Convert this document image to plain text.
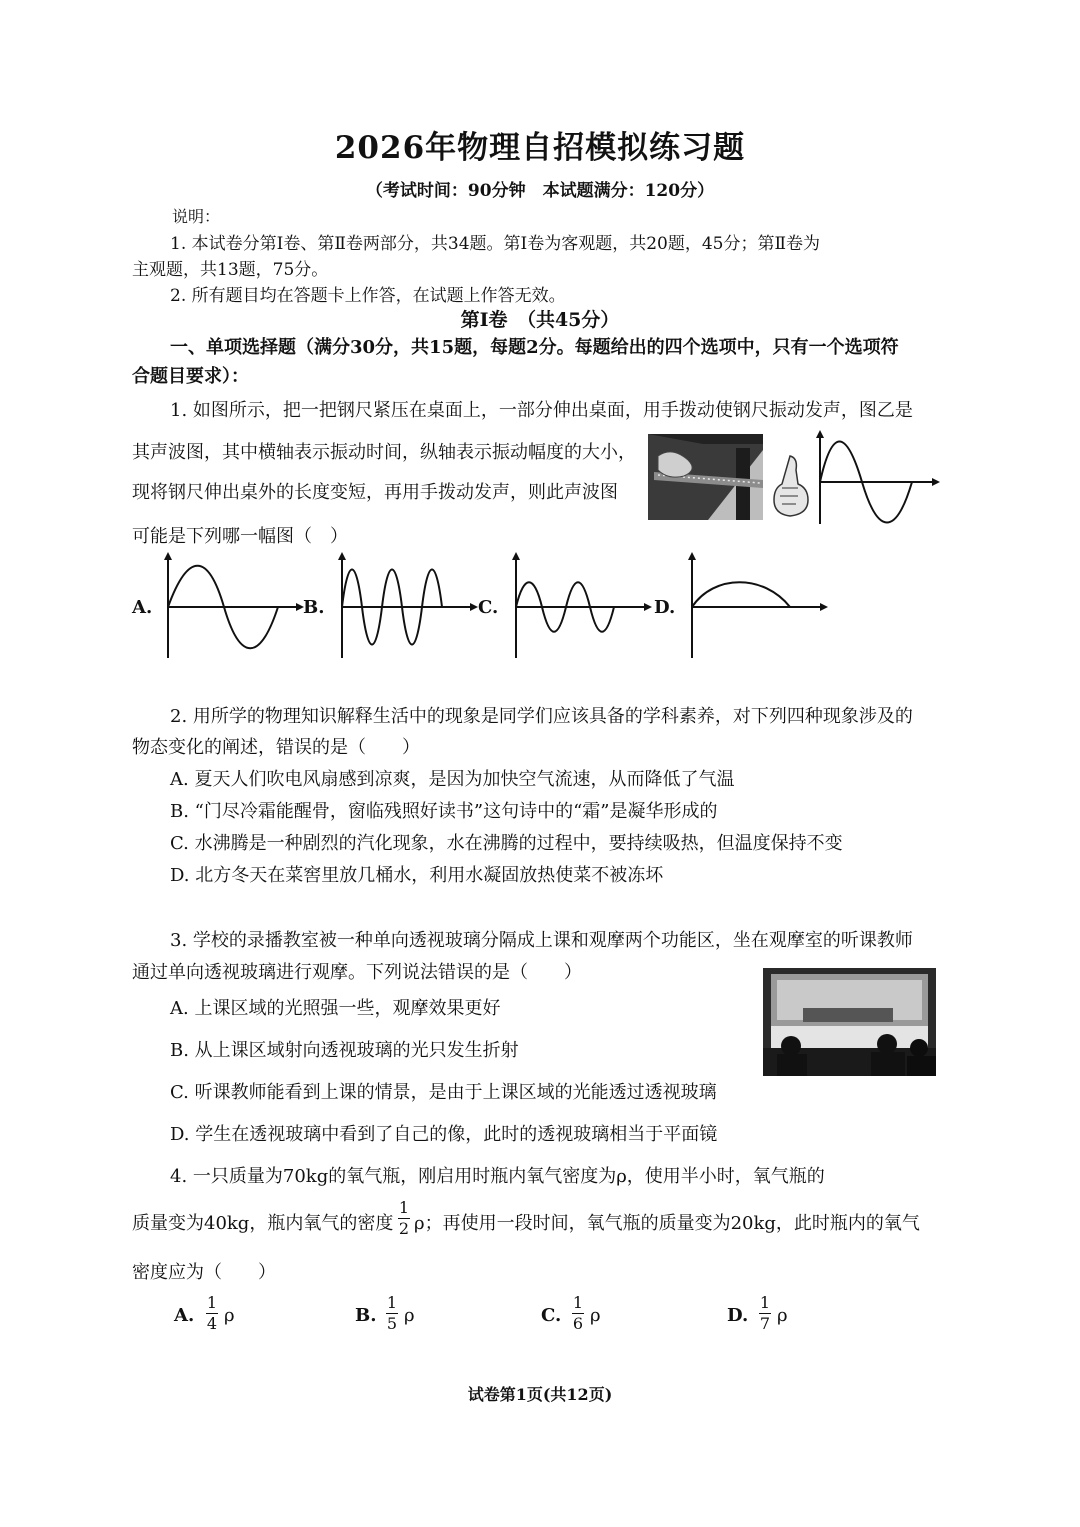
2026年物理自招模拟练习题
（考试时间：90分钟　本试题满分：120分）
说明：
1. 本试卷分第Ⅰ卷、第Ⅱ卷两部分，共34题。第Ⅰ卷为客观题，共20题，45分；第Ⅱ卷为
主观题，共13题，75分。
2. 所有题目均在答题卡上作答，在试题上作答无效。
第Ⅰ卷　（共45分）
一、单项选择题（满分30分，共15题，每题2分。每题给出的四个选项中，只有一个选项符
合题目要求）：
1. 如图所示，把一把钢尺紧压在桌面上，一部分伸出桌面，用手拨动使钢尺振动发声，图乙是
其声波图，其中横轴表示振动时间，纵轴表示振动幅度的大小，
现将钢尺伸出桌外的长度变短，再用手拨动发声，则此声波图
可能是下列哪一幅图（　）
A.	B.	C.	D.
2. 用所学的物理知识解释生活中的现象是同学们应该具备的学科素养，对下列四种现象涉及的
物态变化的阐述，错误的是（　　）
A. 夏天人们吹电风扇感到凉爽，是因为加快空气流速，从而降低了气温
B. “门尽冷霜能醒骨，窗临残照好读书”这句诗中的“霜”是凝华形成的
C. 水沸腾是一种剧烈的汽化现象，水在沸腾的过程中，要持续吸热，但温度保持不变
D. 北方冬天在菜窖里放几桶水，利用水凝固放热使菜不被冻坏
3. 学校的录播教室被一种单向透视玻璃分隔成上课和观摩两个功能区，坐在观摩室的听课教师
通过单向透视玻璃进行观摩。下列说法错误的是（　　）
A. 上课区域的光照强一些，观摩效果更好
B. 从上课区域射向透视玻璃的光只发生折射
C. 听课教师能看到上课的情景，是由于上课区域的光能透过透视玻璃
D. 学生在透视玻璃中看到了自己的像，此时的透视玻璃相当于平面镜
4. 一只质量为70kg的氧气瓶，刚启用时瓶内氧气密度为ρ，使用半小时，氧气瓶的
质量变为40kg，瓶内氧气的密度
1
2 ρ；再使用一段时间，氧气瓶的质量变为20kg，此时瓶内的氧气
密度应为（　　）
A.
1
4 ρ	B.
1
5 ρ	C.
1
6 ρ	D.
1
7 ρ
试卷第1页(共12页)
